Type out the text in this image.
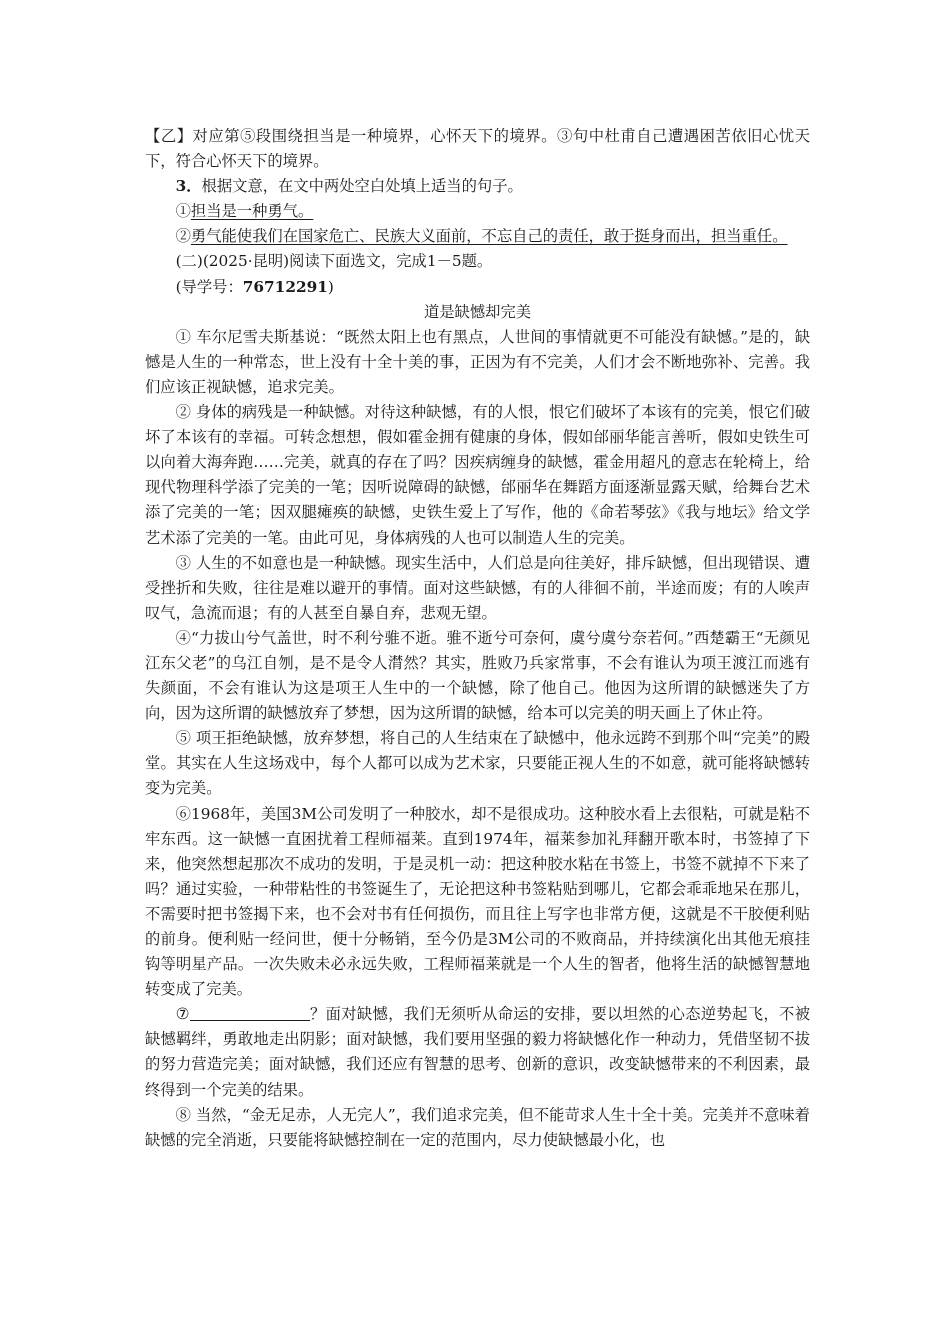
【乙】对应第⑤段围绕担当是一种境界，心怀天下的境界。③句中杜甫自己遭遇困苦依旧心忧天下，符合心怀天下的境界。

3．根据文意，在文中两处空白处填上适当的句子。

①担当是一种勇气。

②勇气能使我们在国家危亡、民族大义面前，不忘自己的责任，敢于挺身而出，担当重任。

(二)(2025·昆明)阅读下面选文，完成1－5题。

(导学号：76712291)

道是缺憾却完美

① 车尔尼雪夫斯基说：“既然太阳上也有黑点，人世间的事情就更不可能没有缺憾。”是的，缺憾是人生的一种常态，世上没有十全十美的事，正因为有不完美，人们才会不断地弥补、完善。我们应该正视缺憾，追求完美。

② 身体的病残是一种缺憾。对待这种缺憾，有的人恨，恨它们破坏了本该有的完美，恨它们破坏了本该有的幸福。可转念想想，假如霍金拥有健康的身体，假如邰丽华能言善听，假如史铁生可以向着大海奔跑……完美，就真的存在了吗？因疾病缠身的缺憾，霍金用超凡的意志在轮椅上，给现代物理科学添了完美的一笔；因听说障碍的缺憾，邰丽华在舞蹈方面逐渐显露天赋，给舞台艺术添了完美的一笔；因双腿瘫痪的缺憾，史铁生爱上了写作，他的《命若琴弦》《我与地坛》给文学艺术添了完美的一笔。由此可见，身体病残的人也可以制造人生的完美。

③ 人生的不如意也是一种缺憾。现实生活中，人们总是向往美好，排斥缺憾，但出现错误、遭受挫折和失败，往往是难以避开的事情。面对这些缺憾，有的人徘徊不前，半途而废；有的人唉声叹气，急流而退；有的人甚至自暴自弃，悲观无望。

④“力拔山兮气盖世，时不利兮骓不逝。骓不逝兮可奈何，虞兮虞兮奈若何。”西楚霸王“无颜见江东父老”的乌江自刎，是不是令人潸然？其实，胜败乃兵家常事，不会有谁认为项王渡江而逃有失颜面，不会有谁认为这是项王人生中的一个缺憾，除了他自己。他因为这所谓的缺憾迷失了方向，因为这所谓的缺憾放弃了梦想，因为这所谓的缺憾，给本可以完美的明天画上了休止符。

⑤ 项王拒绝缺憾，放弃梦想，将自己的人生结束在了缺憾中，他永远跨不到那个叫“完美”的殿堂。其实在人生这场戏中，每个人都可以成为艺术家，只要能正视人生的不如意，就可能将缺憾转变为完美。

⑥1968年，美国3M公司发明了一种胶水，却不是很成功。这种胶水看上去很粘，可就是粘不牢东西。这一缺憾一直困扰着工程师福莱。直到1974年，福莱参加礼拜翻开歌本时，书签掉了下来，他突然想起那次不成功的发明，于是灵机一动：把这种胶水粘在书签上，书签不就掉不下来了吗？通过实验，一种带粘性的书签诞生了，无论把这种书签粘贴到哪儿，它都会乖乖地呆在那儿，不需要时把书签揭下来，也不会对书有任何损伤，而且往上写字也非常方便，这就是不干胶便利贴的前身。便利贴一经问世，便十分畅销，至今仍是3M公司的不败商品，并持续演化出其他无痕挂钩等明星产品。一次失败未必永远失败，工程师福莱就是一个人生的智者，他将生活的缺憾智慧地转变成了完美。

⑦	？面对缺憾，我们无须听从命运的安排，要以坦然的心态逆势起飞，不被缺憾羁绊，勇敢地走出阴影；面对缺憾，我们要用坚强的毅力将缺憾化作一种动力，凭借坚韧不拔的努力营造完美；面对缺憾，我们还应有智慧的思考、创新的意识，改变缺憾带来的不利因素，最终得到一个完美的结果。

⑧ 当然，“金无足赤，人无完人”，我们追求完美，但不能苛求人生十全十美。完美并不意味着缺憾的完全消逝，只要能将缺憾控制在一定的范围内，尽力使缺憾最小化，也
